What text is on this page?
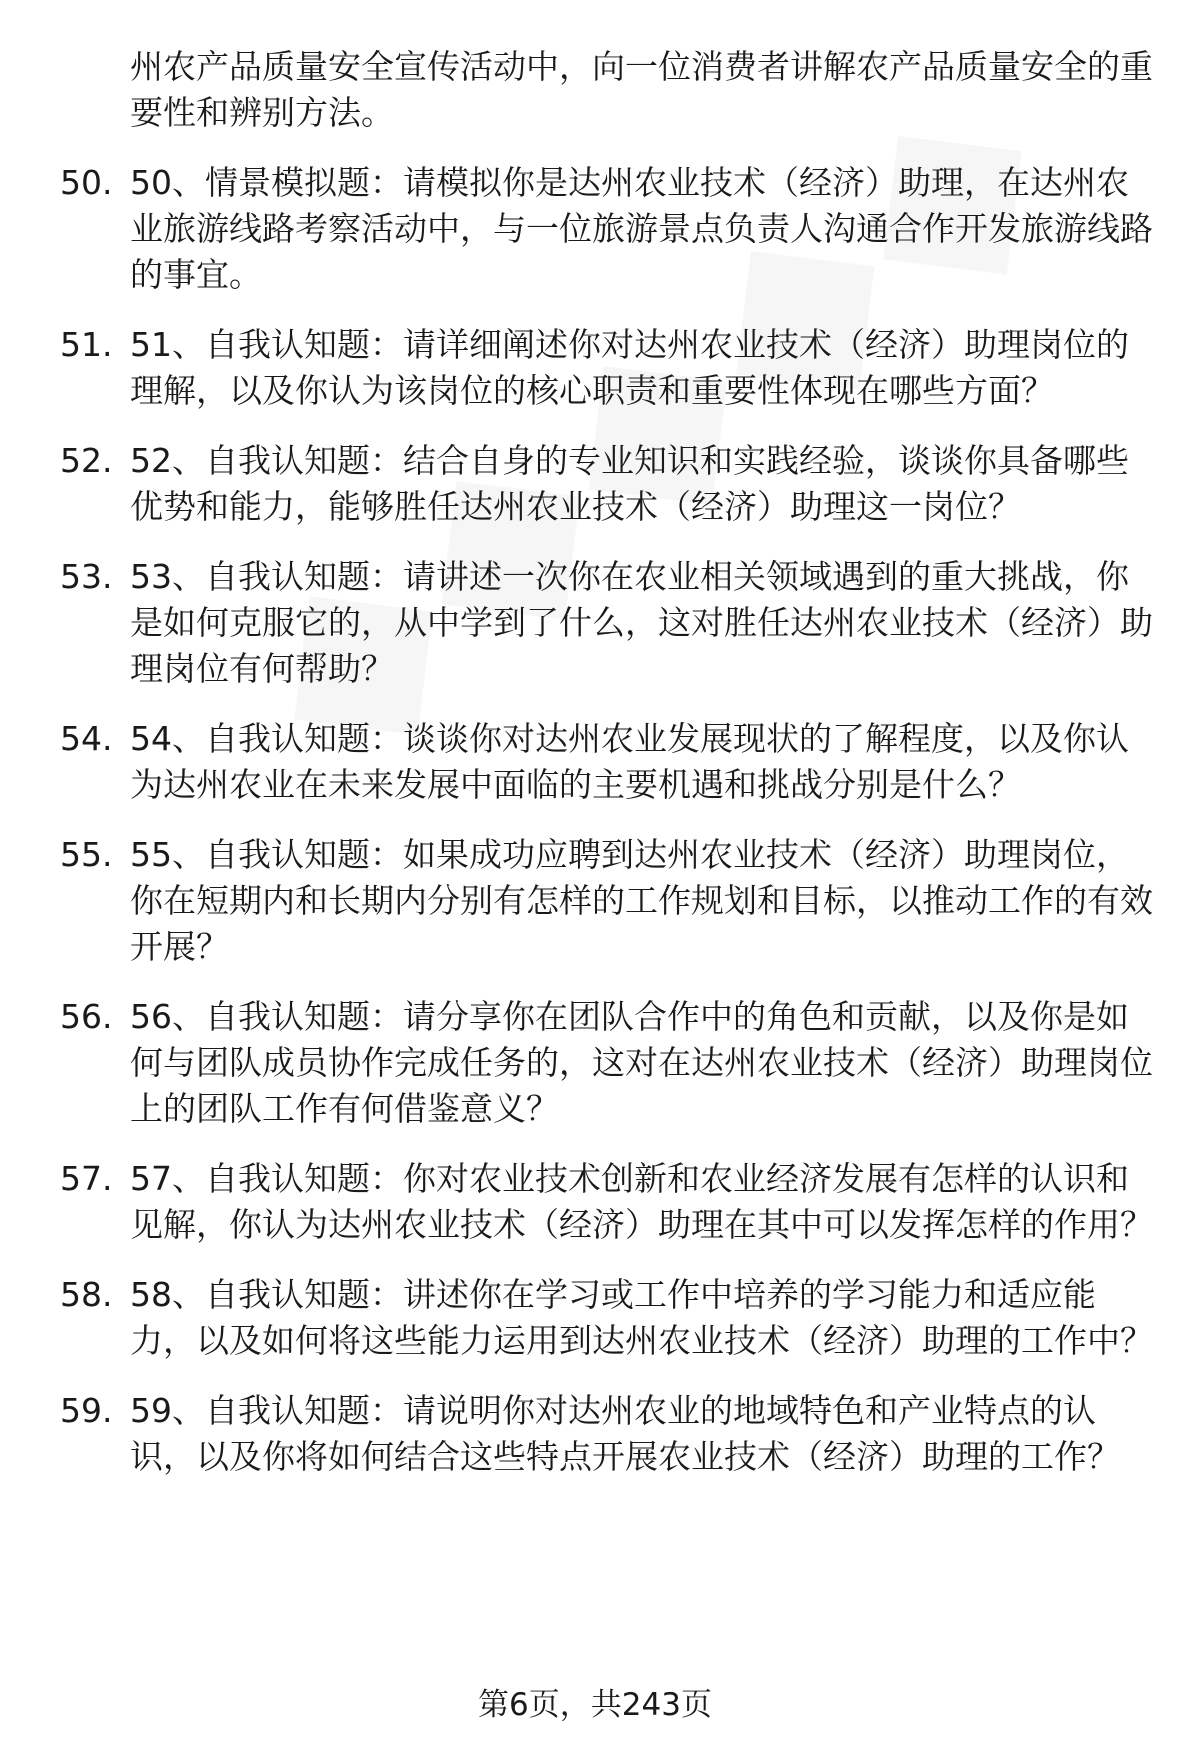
州农产品质量安全宣传活动中，向一位消费者讲解农产品质量安全的重要性和辨别方法。
50. 50、情景模拟题：请模拟你是达州农业技术（经济）助理，在达州农业旅游线路考察活动中，与一位旅游景点负责人沟通合作开发旅游线路的事宜。
51. 51、自我认知题：请详细阐述你对达州农业技术（经济）助理岗位的理解，以及你认为该岗位的核心职责和重要性体现在哪些方面？
52. 52、自我认知题：结合自身的专业知识和实践经验，谈谈你具备哪些优势和能力，能够胜任达州农业技术（经济）助理这一岗位？
53. 53、自我认知题：请讲述一次你在农业相关领域遇到的重大挑战，你是如何克服它的，从中学到了什么，这对胜任达州农业技术（经济）助理岗位有何帮助？
54. 54、自我认知题：谈谈你对达州农业发展现状的了解程度，以及你认为达州农业在未来发展中面临的主要机遇和挑战分别是什么？
55. 55、自我认知题：如果成功应聘到达州农业技术（经济）助理岗位，你在短期内和长期内分别有怎样的工作规划和目标，以推动工作的有效开展？
56. 56、自我认知题：请分享你在团队合作中的角色和贡献，以及你是如何与团队成员协作完成任务的，这对在达州农业技术（经济）助理岗位上的团队工作有何借鉴意义？
57. 57、自我认知题：你对农业技术创新和农业经济发展有怎样的认识和见解，你认为达州农业技术（经济）助理在其中可以发挥怎样的作用？
58. 58、自我认知题：讲述你在学习或工作中培养的学习能力和适应能力，以及如何将这些能力运用到达州农业技术（经济）助理的工作中？
59. 59、自我认知题：请说明你对达州农业的地域特色和产业特点的认识，以及你将如何结合这些特点开展农业技术（经济）助理的工作？
第6页，共243页
